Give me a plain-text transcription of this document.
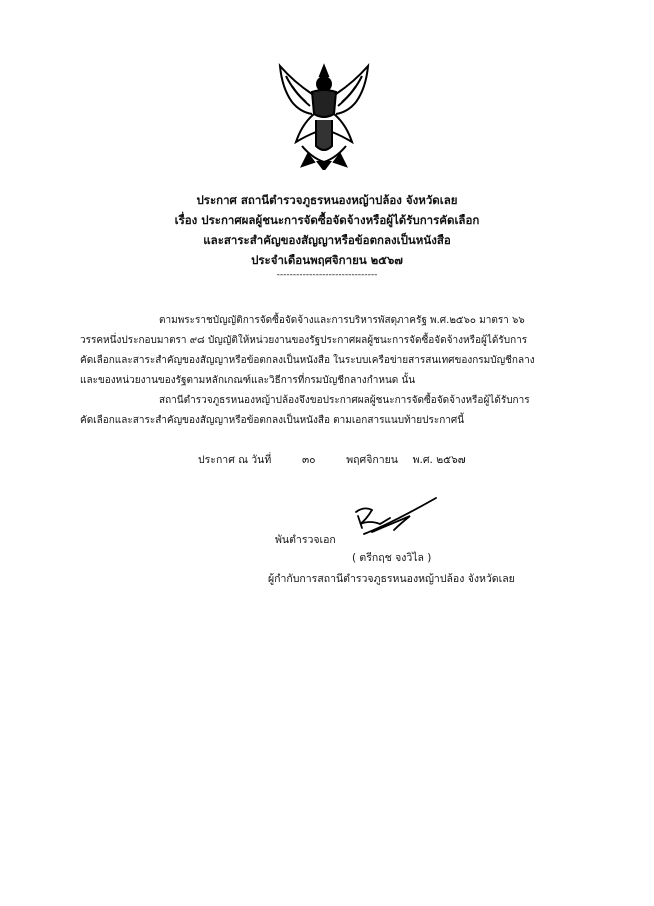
ประกาศ สถานีตำรวจภูธรหนองหญ้าปล้อง จังหวัดเลย
เรื่อง ประกาศผลผู้ชนะการจัดซื้อจัดจ้างหรือผู้ได้รับการคัดเลือก
และสาระสำคัญของสัญญาหรือข้อตกลงเป็นหนังสือ
ประจำเดือนพฤศจิกายน ๒๕๖๗
-------------------------------
ตามพระราชบัญญัติการจัดซื้อจัดจ้างและการบริหารพัสดุภาครัฐ พ.ศ.๒๕๖๐ มาตรา ๖๖
วรรคหนึ่งประกอบมาตรา ๙๘ บัญญัติให้หน่วยงานของรัฐประกาศผลผู้ชนะการจัดซื้อจัดจ้างหรือผู้ได้รับการ
คัดเลือกและสาระสำคัญของสัญญาหรือข้อตกลงเป็นหนังสือ ในระบบเครือข่ายสารสนเทศของกรมบัญชีกลาง
และของหน่วยงานของรัฐตามหลักเกณฑ์และวิธีการที่กรมบัญชีกลางกำหนด นั้น
สถานีตำรวจภูธรหนองหญ้าปล้องจึงขอประกาศผลผู้ชนะการจัดซื้อจัดจ้างหรือผู้ได้รับการ
คัดเลือกและสาระสำคัญของสัญญาหรือข้อตกลงเป็นหนังสือ ตามเอกสารแนบท้ายประกาศนี้
ประกาศ ณ วันที่	๓๐	พฤศจิกายน พ.ศ. ๒๕๖๗
พันตำรวจเอก
( ตรีกฤช จงวิไล )
ผู้กำกับการสถานีตำรวจภูธรหนองหญ้าปล้อง จังหวัดเลย
